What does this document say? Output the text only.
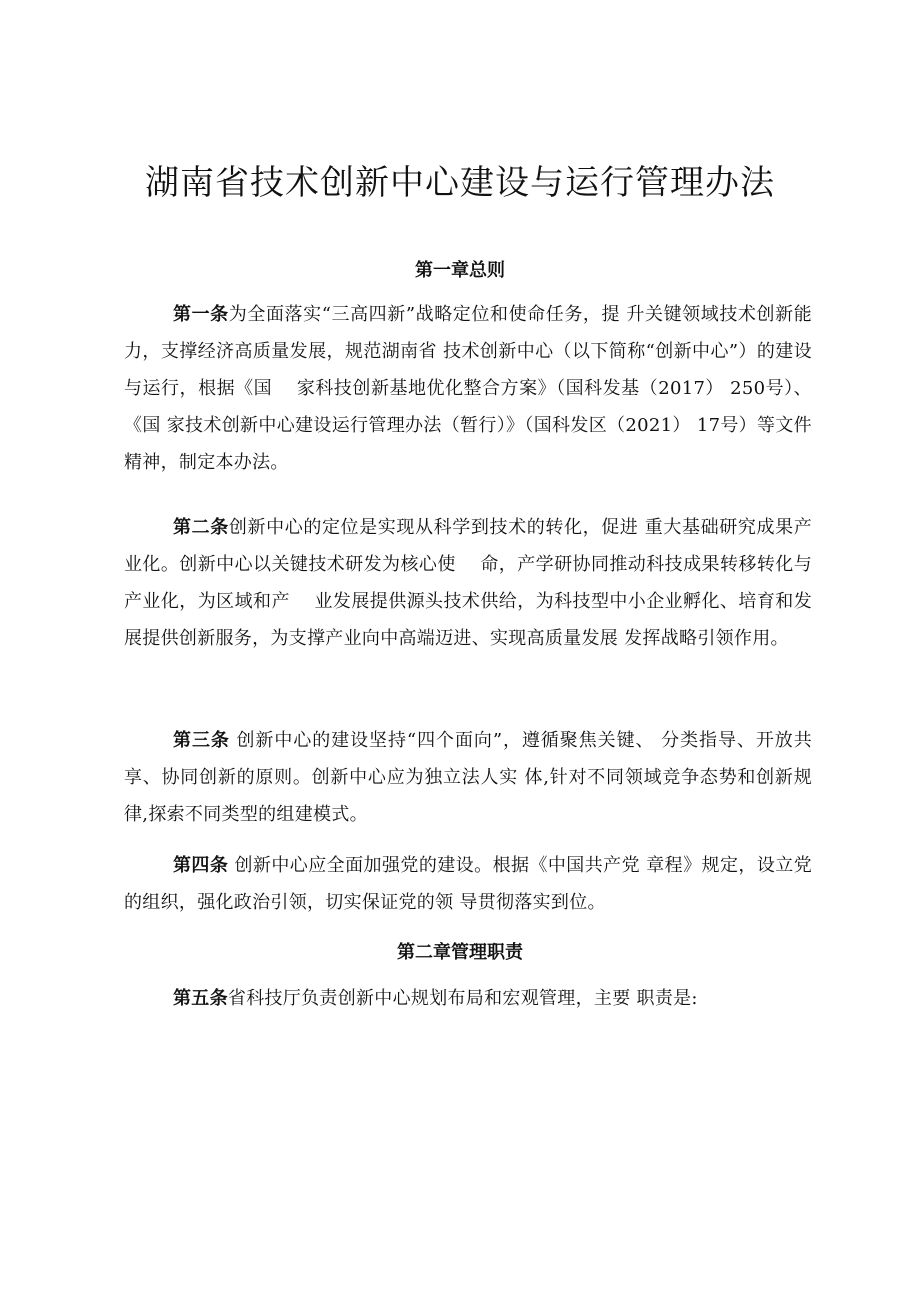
湖南省技术创新中心建设与运行管理办法
第一章总则

第一条为全面落实“三高四新”战略定位和使命任务，提 升关键领域技术创新能力，支撑经济高质量发展，规范湖南省 技术创新中心（以下简称“创新中心”）的建设与运行，根据《国　 家科技创新基地优化整合方案》（国科发基（2017） 250号）、《国 家技术创新中心建设运行管理办法（暂行）》（国科发区（2021） 17号）等文件精神，制定本办法。

第二条创新中心的定位是实现从科学到技术的转化，促进 重大基础研究成果产业化。创新中心以关键技术研发为核心使　 命，产学研协同推动科技成果转移转化与产业化，为区域和产　 业发展提供源头技术供给，为科技型中小企业孵化、培育和发　 展提供创新服务，为支撑产业向中高端迈进、实现高质量发展 发挥战略引领作用。

第三条 创新中心的建设坚持“四个面向”，遵循聚焦关键、 分类指导、开放共享、协同创新的原则。创新中心应为独立法人实 体,针对不同领域竞争态势和创新规律,探索不同类型的组建模式。

第四条 创新中心应全面加强党的建设。根据《中国共产党 章程》规定，设立党的组织，强化政治引领，切实保证党的领 导贯彻落实到位。

第二章管理职责

第五条省科技厅负责创新中心规划布局和宏观管理，主要 职责是:
